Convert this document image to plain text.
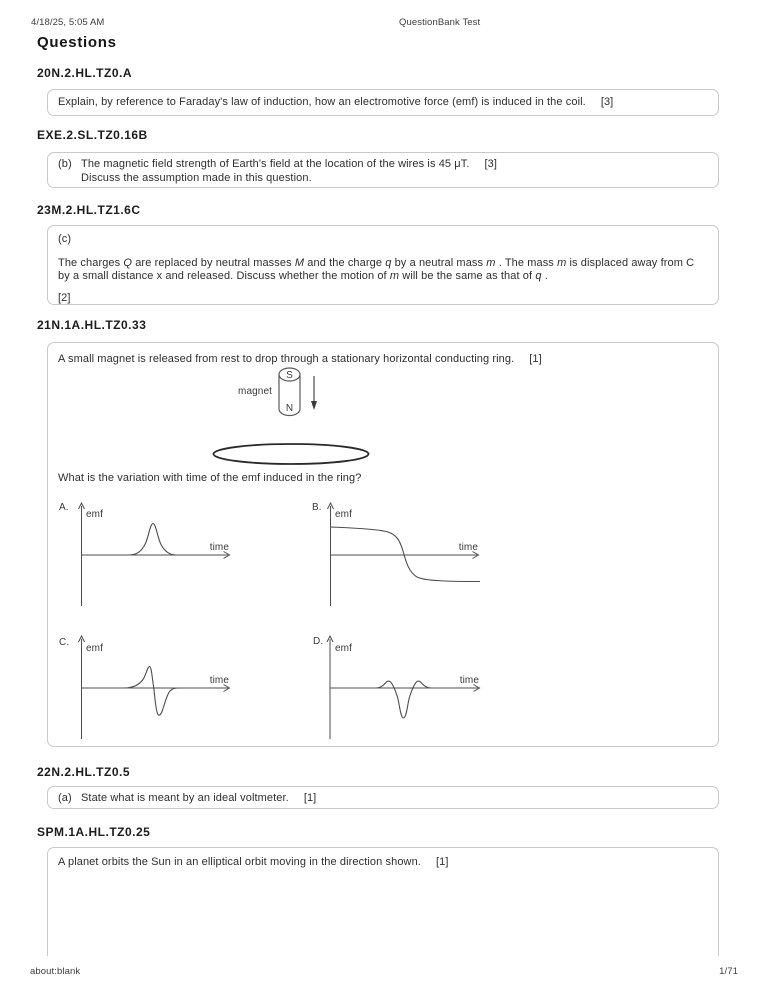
4/18/25, 5:05 AM	QuestionBank Test
Questions
20N.2.HL.TZ0.A
Explain, by reference to Faraday's law of induction, how an electromotive force (emf) is induced in the coil. [3]
EXE.2.SL.TZ0.16B
(b) The magnetic field strength of Earth's field at the location of the wires is 45 μT. [3]
Discuss the assumption made in this question.
23M.2.HL.TZ1.6C
(c)
The charges Q are replaced by neutral masses M and the charge q by a neutral mass m . The mass m is displaced away from C by a small distance x and released. Discuss whether the motion of m will be the same as that of q .
[2]
21N.1A.HL.TZ0.33
A small magnet is released from rest to drop through a stationary horizontal conducting ring. [1]
magnet
S
N
What is the variation with time of the emf induced in the ring?
A.
emf
time
B.
emf
time
C.
emf
time
D.
emf
time
22N.2.HL.TZ0.5
(a) State what is meant by an ideal voltmeter. [1]
SPM.1A.HL.TZ0.25
A planet orbits the Sun in an elliptical orbit moving in the direction shown. [1]
about:blank	1/71
